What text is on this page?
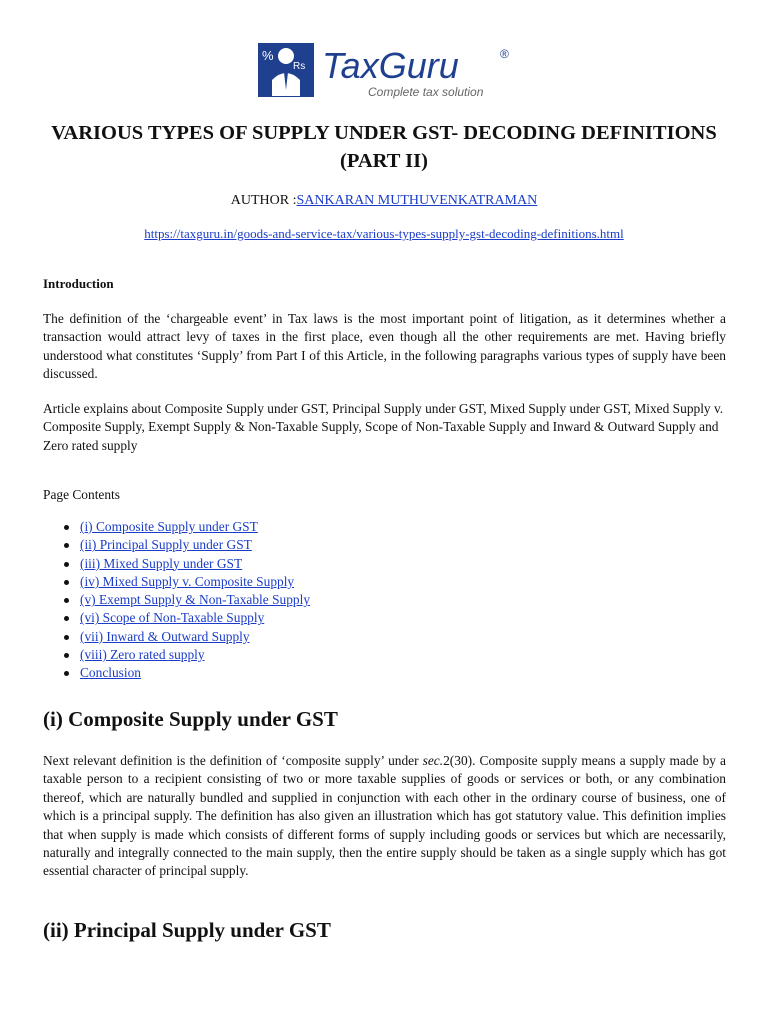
%
Rs TaxGuru	®
Complete tax solution
VARIOUS TYPES OF SUPPLY UNDER GST- DECODING DEFINITIONS (PART II)
AUTHOR :SANKARAN MUTHUVENKATRAMAN
https://taxguru.in/goods-and-service-tax/various-types-supply-gst-decoding-definitions.html
Introduction

The definition of the ‘chargeable event’ in Tax laws is the most important point of litigation, as it determines whether a transaction would attract levy of taxes in the first place, even though all the other requirements are met. Having briefly understood what constitutes ‘Supply’ from Part I of this Article, in the following paragraphs various types of supply have been discussed.

Article explains about Composite Supply under GST, Principal Supply under GST, Mixed Supply under GST, Mixed Supply v. Composite Supply, Exempt Supply & Non-Taxable Supply, Scope of Non-Taxable Supply and Inward & Outward Supply and Zero rated supply

Page Contents
(i) Composite Supply under GST
(ii) Principal Supply under GST
(iii) Mixed Supply under GST
(iv) Mixed Supply v. Composite Supply
(v) Exempt Supply & Non-Taxable Supply
(vi) Scope of Non-Taxable Supply
(vii) Inward & Outward Supply
(viii) Zero rated supply
Conclusion
(i) Composite Supply under GST

Next relevant definition is the definition of ‘composite supply’ under sec.2(30). Composite supply means a supply made by a taxable person to a recipient consisting of two or more taxable supplies of goods or services or both, or any combination thereof, which are naturally bundled and supplied in conjunction with each other in the ordinary course of business, one of which is a principal supply. The definition has also given an illustration which has got statutory value. This definition implies that when supply is made which consists of different forms of supply including goods or services but which are necessarily, naturally and integrally connected to the main supply, then the entire supply should be taken as a single supply which has got essential character of principal supply.

(ii) Principal Supply under GST
